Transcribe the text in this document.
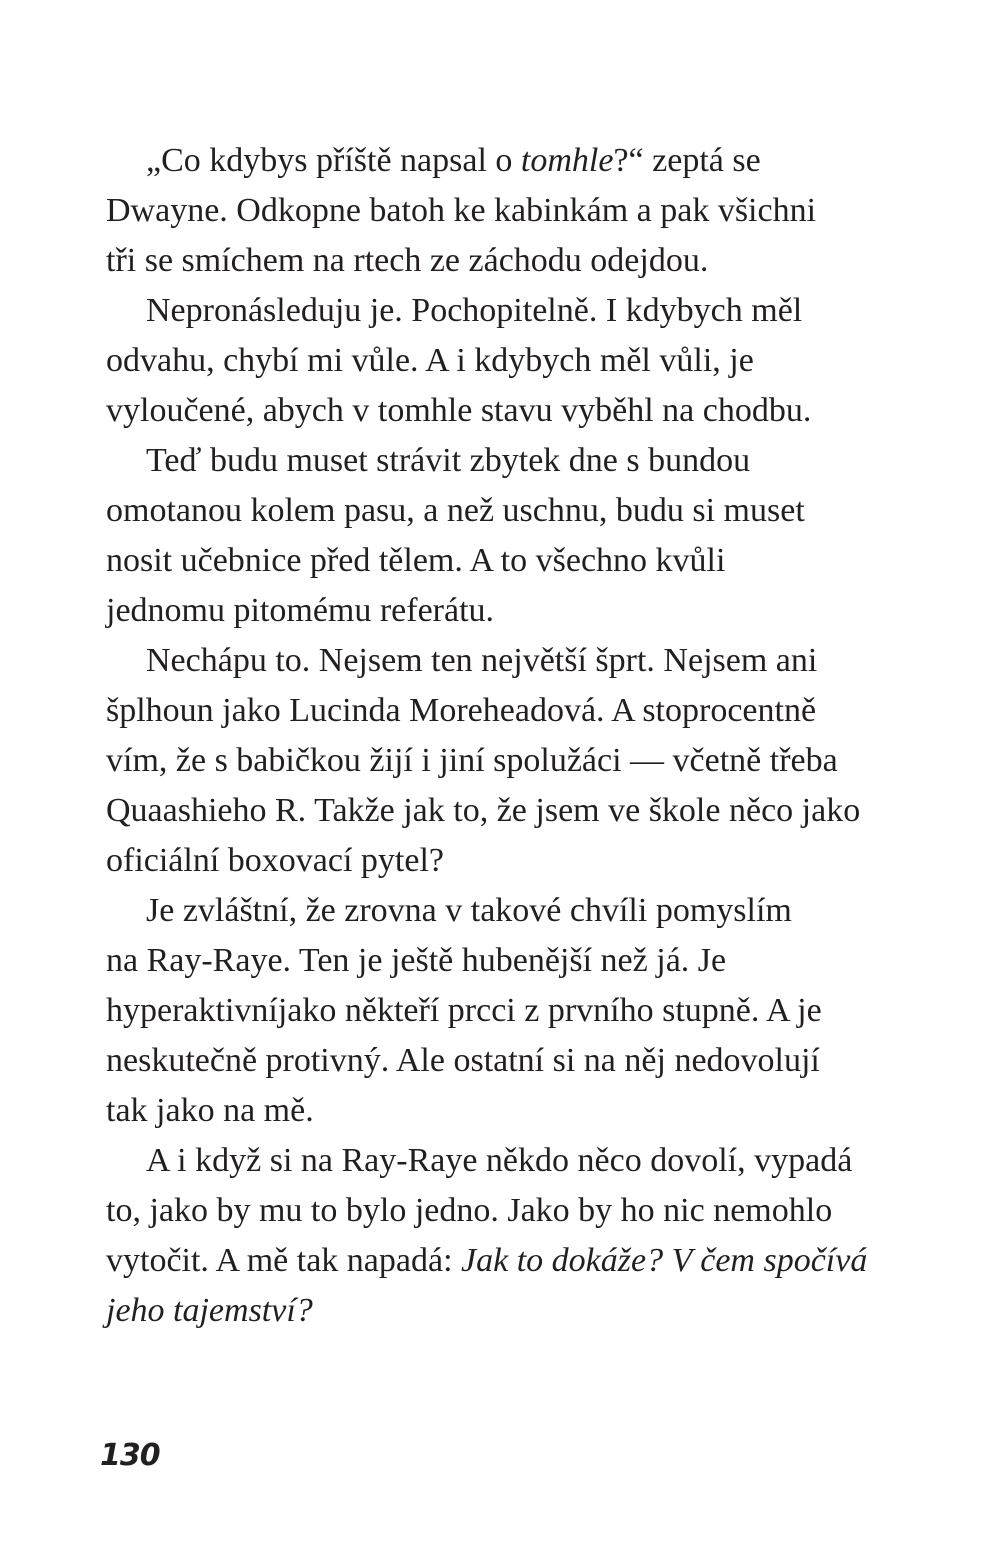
„Co kdybys příště napsal o tomhle?“ zeptá se
Dwayne. Odkopne batoh ke kabinkám a pak všichni
tři se smíchem na rtech ze záchodu odejdou.
Nepronásleduju je. Pochopitelně. I kdybych měl
odvahu, chybí mi vůle. A i kdybych měl vůli, je
vyloučené, abych v tomhle stavu vyběhl na chodbu.
Teď budu muset strávit zbytek dne s bundou
omotanou kolem pasu, a než uschnu, budu si muset
nosit učebnice před tělem. A to všechno kvůli
jednomu pitomému referátu.
Nechápu to. Nejsem ten největší šprt. Nejsem ani
šplhoun jako Lucinda Moreheadová. A stoprocentně
vím, že s babičkou žijí i jiní spolužáci — včetně třeba
Quaashieho R. Takže jak to, že jsem ve škole něco jako
oficiální boxovací pytel?
Je zvláštní, že zrovna v takové chvíli pomyslím
na Ray-Raye. Ten je ještě hubenější než já. Je
hyperaktivníjako někteří prcci z prvního stupně. A je
neskutečně protivný. Ale ostatní si na něj nedovolují
tak jako na mě.
A i když si na Ray-Raye někdo něco dovolí, vypadá
to, jako by mu to bylo jedno. Jako by ho nic nemohlo
vytočit. A mě tak napadá: Jak to dokáže? V čem spočívá
jeho tajemství?
130
